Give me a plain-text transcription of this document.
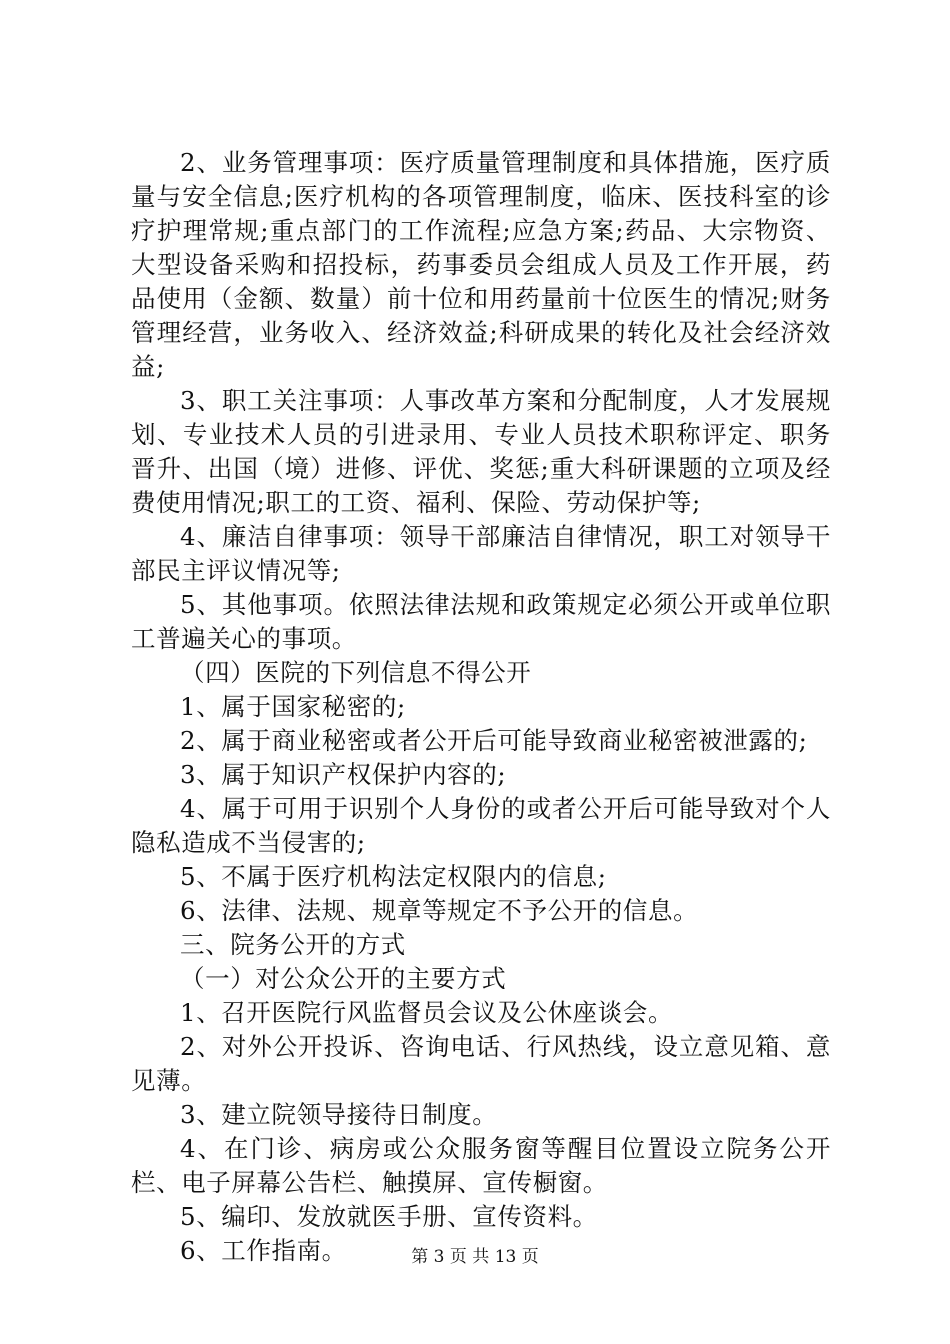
2、业务管理事项：医疗质量管理制度和具体措施，医疗质量与安全信息;医疗机构的各项管理制度，临床、医技科室的诊疗护理常规;重点部门的工作流程;应急方案;药品、大宗物资、大型设备采购和招投标，药事委员会组成人员及工作开展，药品使用（金额、数量）前十位和用药量前十位医生的情况;财务管理经营，业务收入、经济效益;科研成果的转化及社会经济效益;

3、职工关注事项：人事改革方案和分配制度，人才发展规划、专业技术人员的引进录用、专业人员技术职称评定、职务晋升、出国（境）进修、评优、奖惩;重大科研课题的立项及经费使用情况;职工的工资、福利、保险、劳动保护等;

4、廉洁自律事项：领导干部廉洁自律情况，职工对领导干部民主评议情况等;

5、其他事项。依照法律法规和政策规定必须公开或单位职工普遍关心的事项。

（四）医院的下列信息不得公开

1、属于国家秘密的;

2、属于商业秘密或者公开后可能导致商业秘密被泄露的;

3、属于知识产权保护内容的;

4、属于可用于识别个人身份的或者公开后可能导致对个人隐私造成不当侵害的;

5、不属于医疗机构法定权限内的信息;

6、法律、法规、规章等规定不予公开的信息。

三、院务公开的方式

（一）对公众公开的主要方式

1、召开医院行风监督员会议及公休座谈会。

2、对外公开投诉、咨询电话、行风热线，设立意见箱、意见薄。

3、建立院领导接待日制度。

4、在门诊、病房或公众服务窗等醒目位置设立院务公开栏、电子屏幕公告栏、触摸屏、宣传橱窗。

5、编印、发放就医手册、宣传资料。

6、工作指南。	第 3 页 共 13 页
